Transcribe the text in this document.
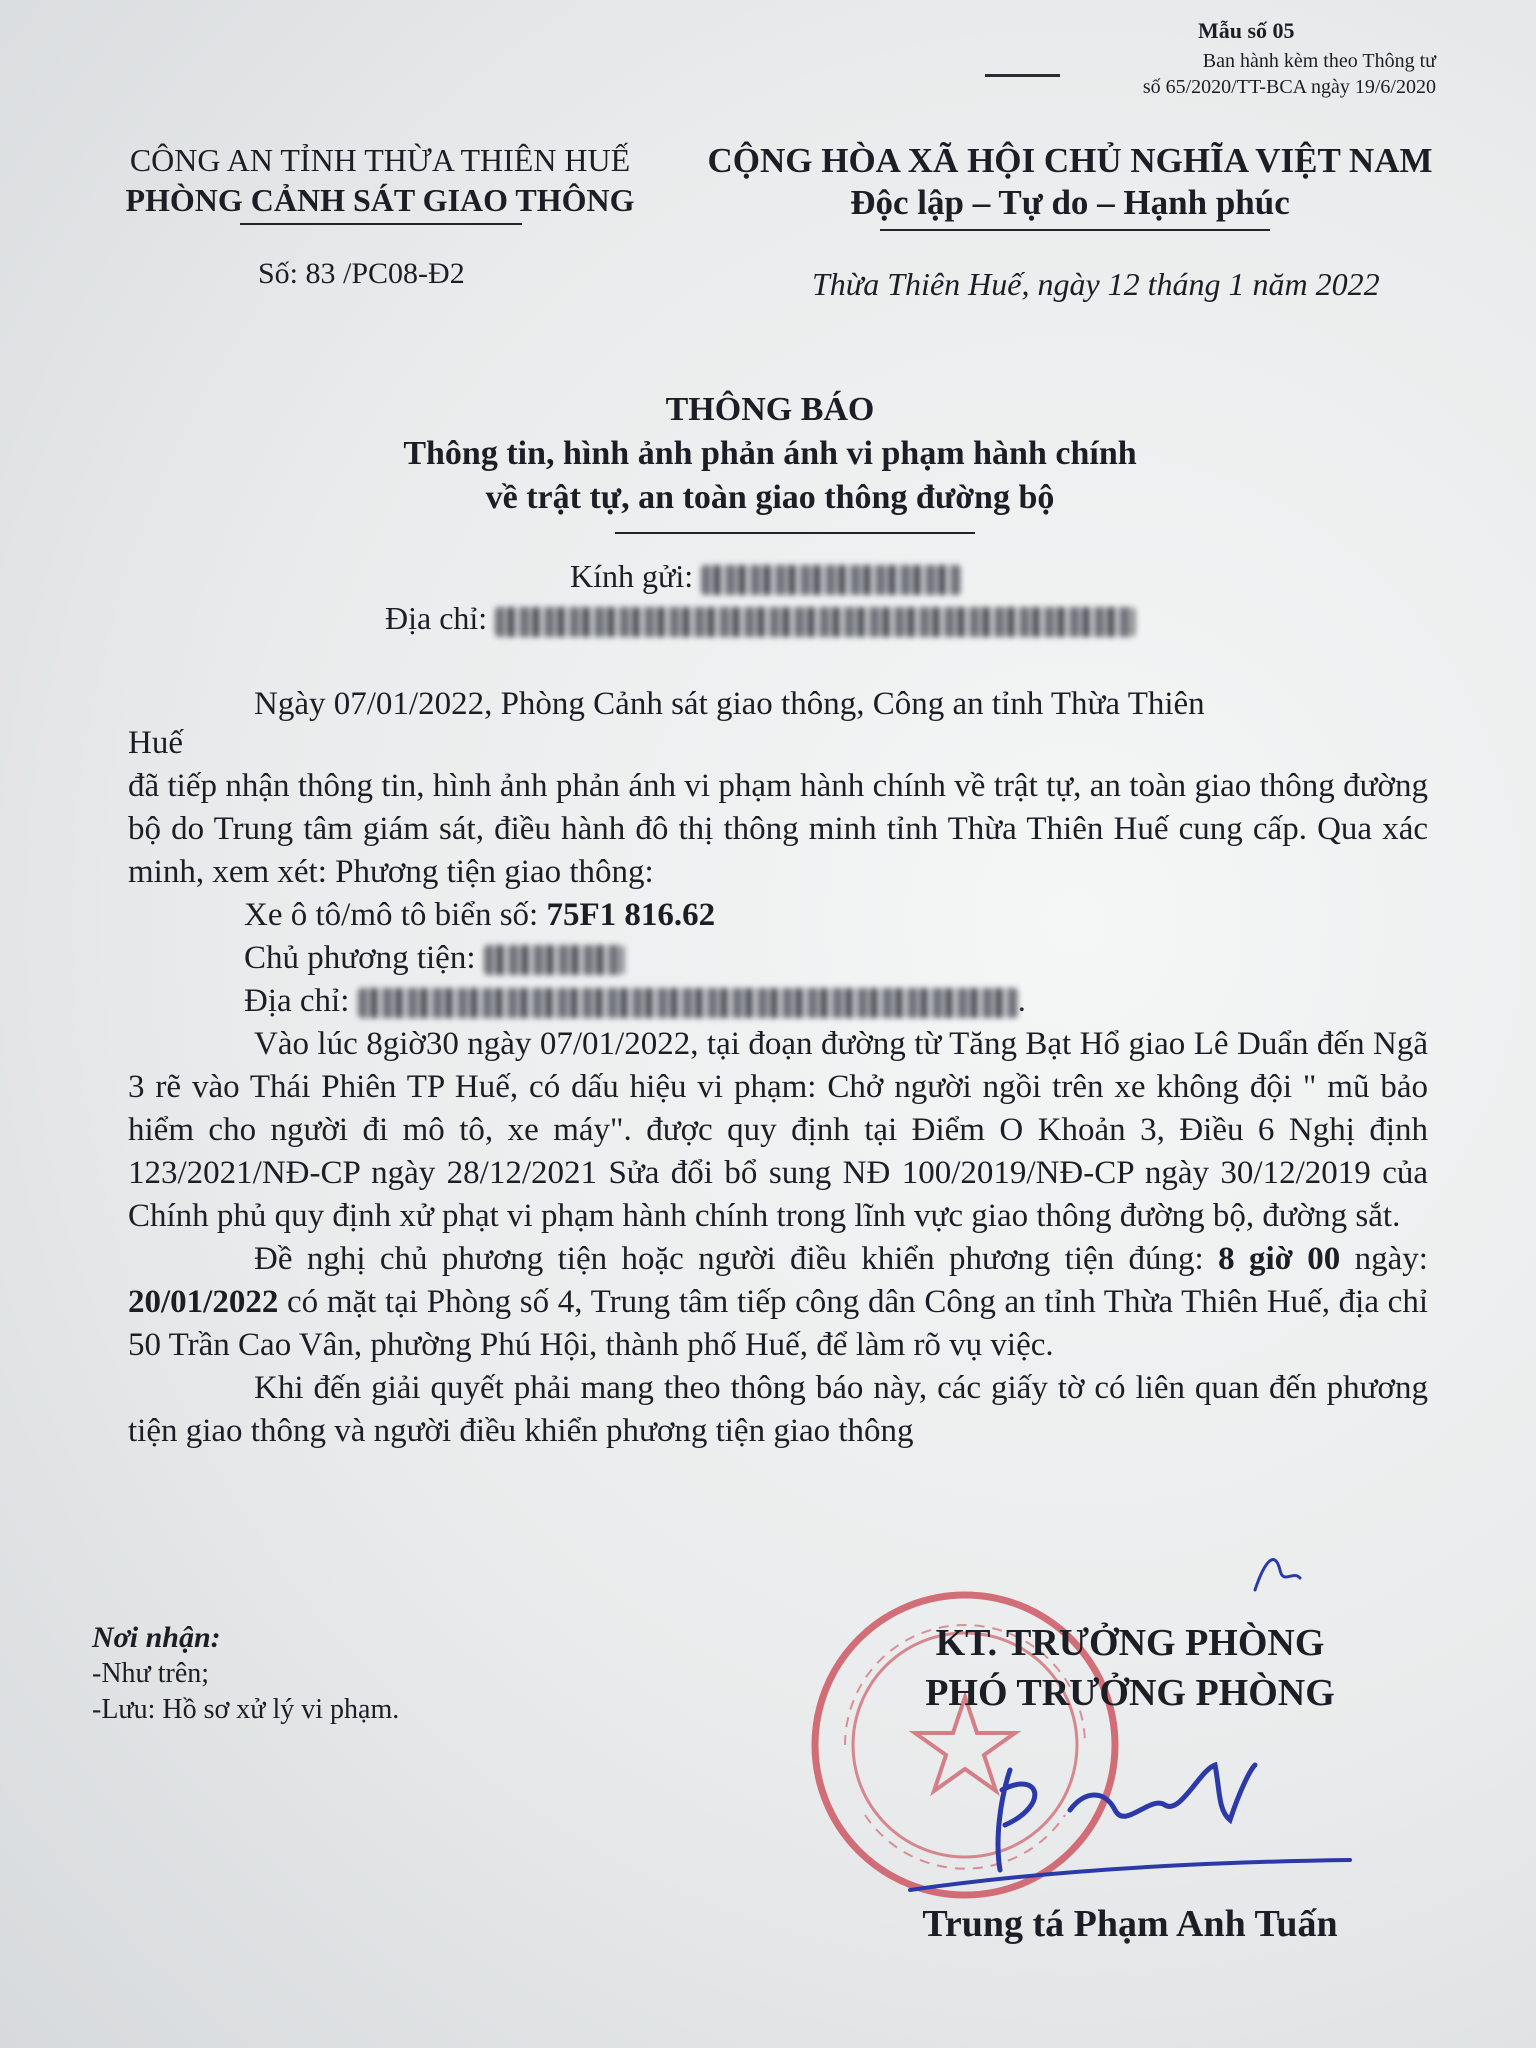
Mẫu số 05
Ban hành kèm theo Thông tư
số 65/2020/TT-BCA ngày 19/6/2020
CÔNG AN TỈNH THỪA THIÊN HUẾ
PHÒNG CẢNH SÁT GIAO THÔNG
Số: 83 /PC08-Đ2
CỘNG HÒA XÃ HỘI CHỦ NGHĨA VIỆT NAM
Độc lập – Tự do – Hạnh phúc
Thừa Thiên Huế, ngày 12 tháng 1 năm 2022
THÔNG BÁO
Thông tin, hình ảnh phản ánh vi phạm hành chính
về trật tự, an toàn giao thông đường bộ
Kính gửi:
Địa chỉ:

Ngày 07/01/2022, Phòng Cảnh sát giao thông, Công an tỉnh Thừa Thiên

Huế

đã tiếp nhận thông tin, hình ảnh phản ánh vi phạm hành chính về trật tự, an toàn giao thông đường bộ do Trung tâm giám sát, điều hành đô thị thông minh tỉnh Thừa Thiên Huế cung cấp. Qua xác minh, xem xét: Phương tiện giao thông:

Xe ô tô/mô tô biển số: 75F1 816.62

Chủ phương tiện:

Địa chỉ:	.

Vào lúc 8giờ30 ngày 07/01/2022, tại đoạn đường từ Tăng Bạt Hổ giao Lê Duẩn đến Ngã 3 rẽ vào Thái Phiên TP Huế, có dấu hiệu vi phạm: Chở người ngồi trên xe không đội " mũ bảo hiểm cho người đi mô tô, xe máy". được quy định tại Điểm O Khoản 3, Điều 6 Nghị định 123/2021/NĐ-CP ngày 28/12/2021 Sửa đổi bổ sung NĐ 100/2019/NĐ-CP ngày 30/12/2019 của Chính phủ quy định xử phạt vi phạm hành chính trong lĩnh vực giao thông đường bộ, đường sắt.

Đề nghị chủ phương tiện hoặc người điều khiển phương tiện đúng: 8 giờ 00 ngày: 20/01/2022 có mặt tại Phòng số 4, Trung tâm tiếp công dân Công an tỉnh Thừa Thiên Huế, địa chỉ 50 Trần Cao Vân, phường Phú Hội, thành phố Huế, để làm rõ vụ việc.

Khi đến giải quyết phải mang theo thông báo này, các giấy tờ có liên quan đến phương tiện giao thông và người điều khiển phương tiện giao thông

Nơi nhận:
-Như trên;
-Lưu: Hồ sơ xử lý vi phạm.
KT. TRƯỞNG PHÒNG
PHÓ TRƯỞNG PHÒNG
Trung tá Phạm Anh Tuấn
